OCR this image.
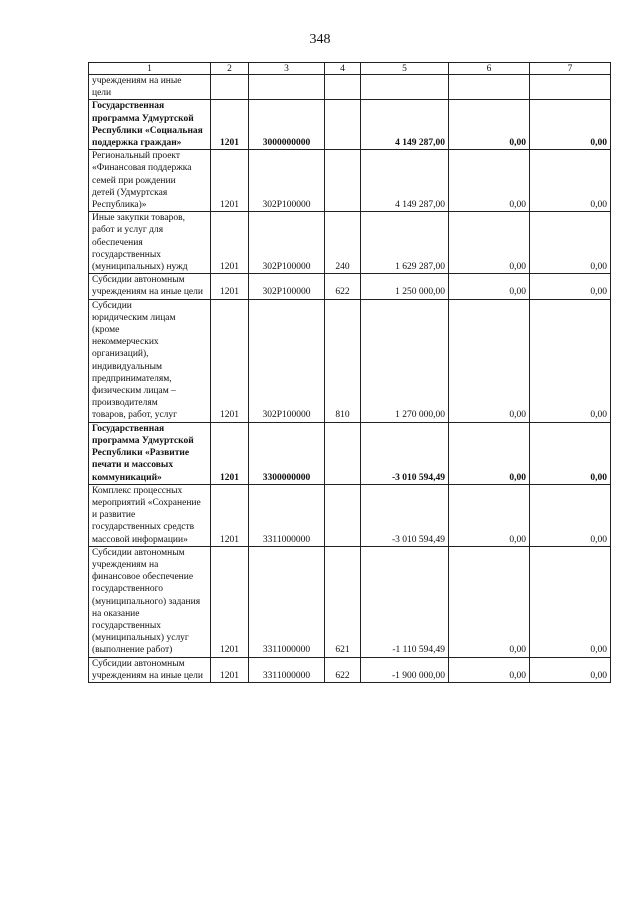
348
1	2	3	4	5	6	7

учреждениям на иные цели						

Государственная программа Удмуртской Республики «Социальная поддержка граждан»	1201	3000000000		4 149 287,00	0,00	0,00

Региональный проект «Финансовая поддержка семей при рождении детей (Удмуртская Республика)»	1201	302Р100000		4 149 287,00	0,00	0,00

Иные закупки товаров, работ и услуг для обеспечения государственных (муниципальных) нужд	1201	302Р100000	240	1 629 287,00	0,00	0,00

Субсидии автономным учреждениям на иные цели	1201	302Р100000	622	1 250 000,00	0,00	0,00

Субсидии юридическим лицам (кроме некоммерческих организаций), индивидуальным предпринимателям, физическим лицам – производителям товаров, работ, услуг	1201	302Р100000	810	1 270 000,00	0,00	0,00

Государственная программа Удмуртской Республики «Развитие печати и массовых коммуникаций»	1201	3300000000		-3 010 594,49	0,00	0,00

Комплекс процессных мероприятий «Сохранение и развитие государственных средств массовой информации»	1201	3311000000		-3 010 594,49	0,00	0,00

Субсидии автономным учреждениям на финансовое обеспечение государственного (муниципального) задания на оказание государственных (муниципальных) услуг (выполнение работ)	1201	3311000000	621	-1 110 594,49	0,00	0,00

Субсидии автономным учреждениям на иные цели	1201	3311000000	622	-1 900 000,00	0,00	0,00
